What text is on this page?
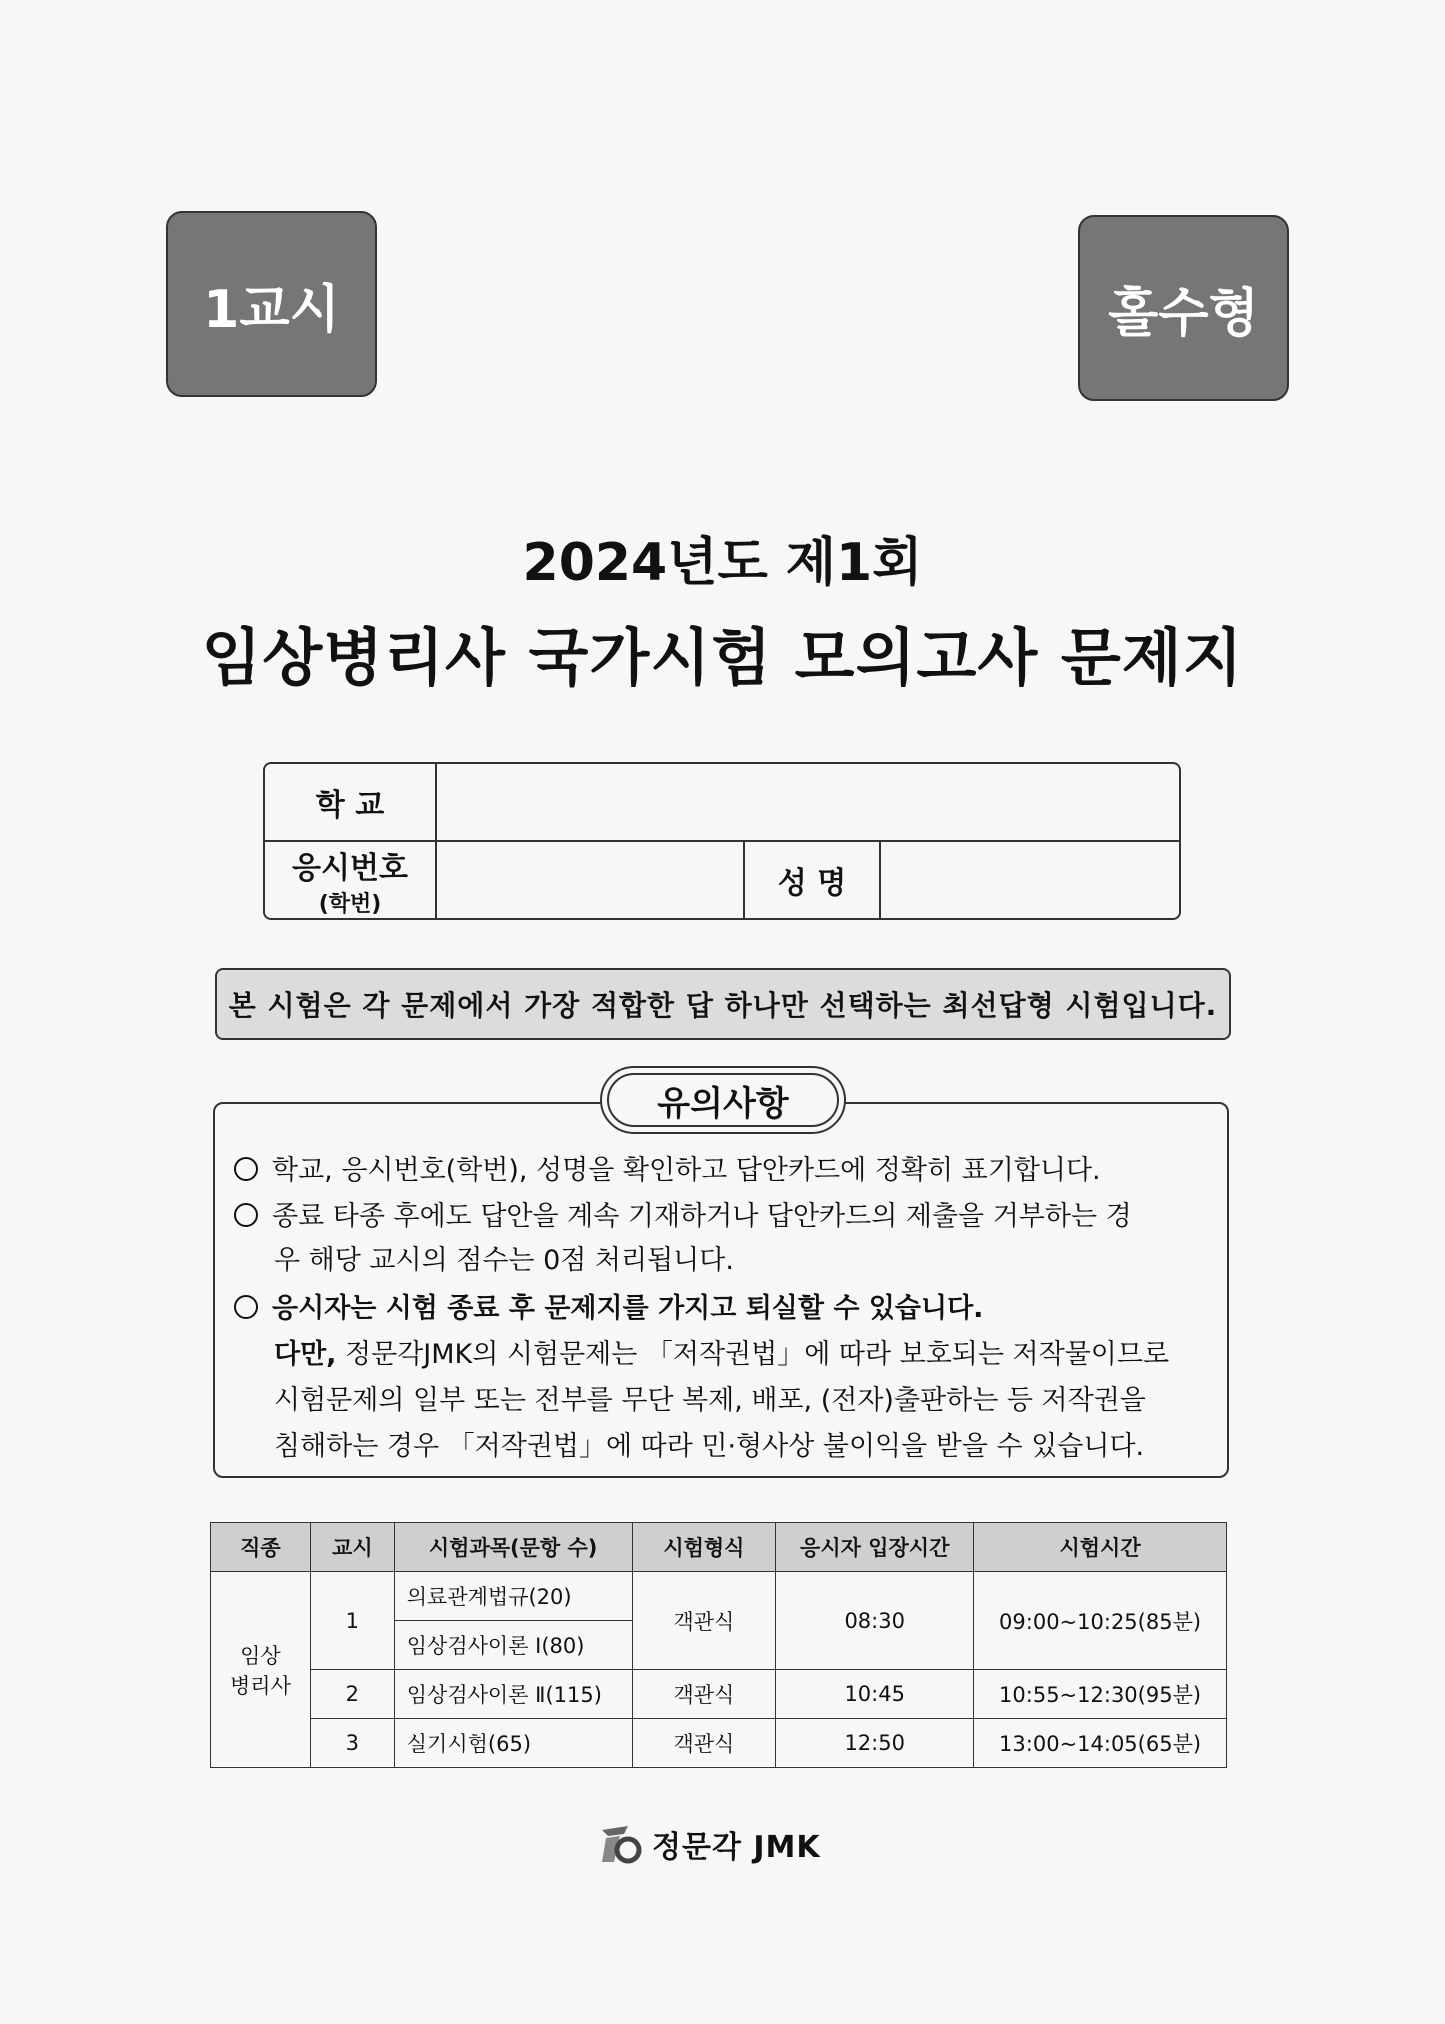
1교시	홀수형
2024년도 제1회
임상병리사 국가시험 모의고사 문제지
학 교
응시번호
(학번)
성 명
본 시험은 각 문제에서 가장 적합한 답 하나만 선택하는 최선답형 시험입니다.
유의사항
학교, 응시번호(학번), 성명을 확인하고 답안카드에 정확히 표기합니다.
종료 타종 후에도 답안을 계속 기재하거나 답안카드의 제출을 거부하는 경
우 해당 교시의 점수는 0점 처리됩니다.
응시자는 시험 종료 후 문제지를 가지고 퇴실할 수 있습니다.
다만, 정문각JMK의 시험문제는 「저작권법」에 따라 보호되는 저작물이므로
시험문제의 일부 또는 전부를 무단 복제, 배포, (전자)출판하는 등 저작권을
침해하는 경우 「저작권법」에 따라 민·형사상 불이익을 받을 수 있습니다.
직종	교시	시험과목(문항 수)	시험형식	응시자 입장시간	시험시간
임상
병리사	1	의료관계법규(20)	객관식	08:30	09:00~10:25(85분)
		임상검사이론 Ⅰ(80)			
	2	임상검사이론 Ⅱ(115)	객관식	10:45	10:55~12:30(95분)
	3	실기시험(65)	객관식	12:50	13:00~14:05(65분)
정문각 JMK
